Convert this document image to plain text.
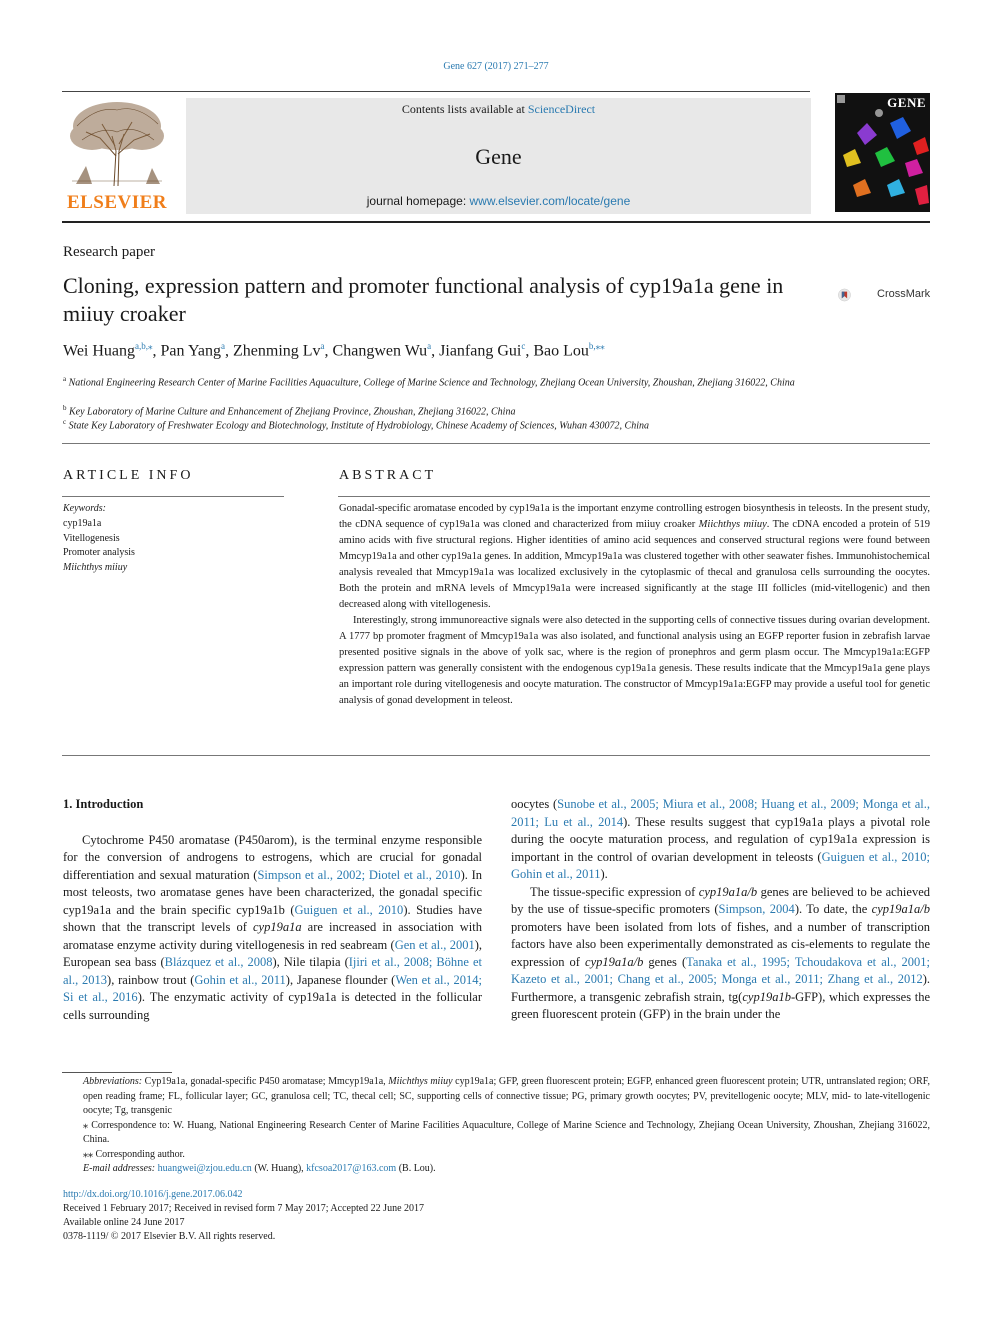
Gene 627 (2017) 271–277
ELSEVIER
Contents lists available at ScienceDirect
Gene
journal homepage: www.elsevier.com/locate/gene
GENE
Research paper
Cloning, expression pattern and promoter functional analysis of cyp19a1a gene in miiuy croaker
CrossMark
Wei Huang$^{a,b,⁎}$, Pan Yang$^a$, Zhenming Lv$^a$, Changwen Wu$^a$, Jianfang Gui$^c$, Bao Lou$^{b,⁎⁎}$
$^a$ National Engineering Research Center of Marine Facilities Aquaculture, College of Marine Science and Technology, Zhejiang Ocean University, Zhoushan, Zhejiang 316022, China
$^b$ Key Laboratory of Marine Culture and Enhancement of Zhejiang Province, Zhoushan, Zhejiang 316022, China
$^c$ State Key Laboratory of Freshwater Ecology and Biotechnology, Institute of Hydrobiology, Chinese Academy of Sciences, Wuhan 430072, China
ARTICLE INFO	ABSTRACT
Keywords:
cyp19a1a
Vitellogenesis
Promoter analysis
Miichthys miiuy

Gonadal-specific aromatase encoded by cyp19a1a is the important enzyme controlling estrogen biosynthesis in teleosts. In the present study, the cDNA sequence of cyp19a1a was cloned and characterized from miiuy croaker Miichthys miiuy. The cDNA encoded a protein of 519 amino acids with five structural regions. Higher identities of amino acid sequences and conserved structural regions were found between Mmcyp19a1a and other cyp19a1a genes. In addition, Mmcyp19a1a was clustered together with other seawater fishes. Immunohistochemical analysis revealed that Mmcyp19a1a was localized exclusively in the cytoplasmic of thecal and granulosa cells surrounding the oocytes. Both the protein and mRNA levels of Mmcyp19a1a were increased significantly at the stage III follicles (mid-vitellogenic) and then decreased along with vitellogenesis.

Interestingly, strong immunoreactive signals were also detected in the supporting cells of connective tissues during ovarian development. A 1777 bp promoter fragment of Mmcyp19a1a was also isolated, and functional analysis using an EGFP reporter fusion in zebrafish larvae presented positive signals in the above of yolk sac, where is the region of pronephros and germ plasm occur. The Mmcyp19a1a:EGFP expression pattern was generally consistent with the endogenous cyp19a1a genesis. These results indicate that the Mmcyp19a1a gene plays an important role during vitellogenesis and oocyte maturation. The constructor of Mmcyp19a1a:EGFP may provide a useful tool for genetic analysis of gonad development in teleost.

1. Introduction

Cytochrome P450 aromatase (P450arom), is the terminal enzyme responsible for the conversion of androgens to estrogens, which are crucial for gonadal differentiation and sexual maturation (Simpson et al., 2002; Diotel et al., 2010). In most teleosts, two aromatase genes have been characterized, the gonadal specific cyp19a1a and the brain specific cyp19a1b (Guiguen et al., 2010). Studies have shown that the transcript levels of cyp19a1a are increased in association with aromatase enzyme activity during vitellogenesis in red seabream (Gen et al., 2001), European sea bass (Blázquez et al., 2008), Nile tilapia (Ijiri et al., 2008; Böhne et al., 2013), rainbow trout (Gohin et al., 2011), Japanese flounder (Wen et al., 2014; Si et al., 2016). The enzymatic activity of cyp19a1a is detected in the follicular cells surrounding

oocytes (Sunobe et al., 2005; Miura et al., 2008; Huang et al., 2009; Monga et al., 2011; Lu et al., 2014). These results suggest that cyp19a1a plays a pivotal role during the oocyte maturation process, and regulation of cyp19a1a expression is important in the control of ovarian development in teleosts (Guiguen et al., 2010; Gohin et al., 2011).

The tissue-specific expression of cyp19a1a/b genes are believed to be achieved by the use of tissue-specific promoters (Simpson, 2004). To date, the cyp19a1a/b promoters have been isolated from lots of fishes, and a number of transcription factors have also been experimentally demonstrated as cis-elements to regulate the expression of cyp19a1a/b genes (Tanaka et al., 1995; Tchoudakova et al., 2001; Kazeto et al., 2001; Chang et al., 2005; Monga et al., 2011; Zhang et al., 2012). Furthermore, a transgenic zebrafish strain, tg(cyp19a1b-GFP), which expresses the green fluorescent protein (GFP) in the brain under the

Abbreviations: Cyp19a1a, gonadal-specific P450 aromatase; Mmcyp19a1a, Miichthys miiuy cyp19a1a; GFP, green fluorescent protein; EGFP, enhanced green fluorescent protein; UTR, untranslated region; ORF, open reading frame; FL, follicular layer; GC, granulosa cell; TC, thecal cell; SC, supporting cells of connective tissue; PG, primary growth oocytes; PV, previtellogenic oocyte; MLV, mid- to late-vitellogenic oocyte; Tg, transgenic

⁎ Correspondence to: W. Huang, National Engineering Research Center of Marine Facilities Aquaculture, College of Marine Science and Technology, Zhejiang Ocean University, Zhoushan, Zhejiang 316022, China.

⁎⁎ Corresponding author.

E-mail addresses: huangwei@zjou.edu.cn (W. Huang), kfcsoa2017@163.com (B. Lou).

http://dx.doi.org/10.1016/j.gene.2017.06.042
Received 1 February 2017; Received in revised form 7 May 2017; Accepted 22 June 2017
Available online 24 June 2017
0378-1119/ © 2017 Elsevier B.V. All rights reserved.
